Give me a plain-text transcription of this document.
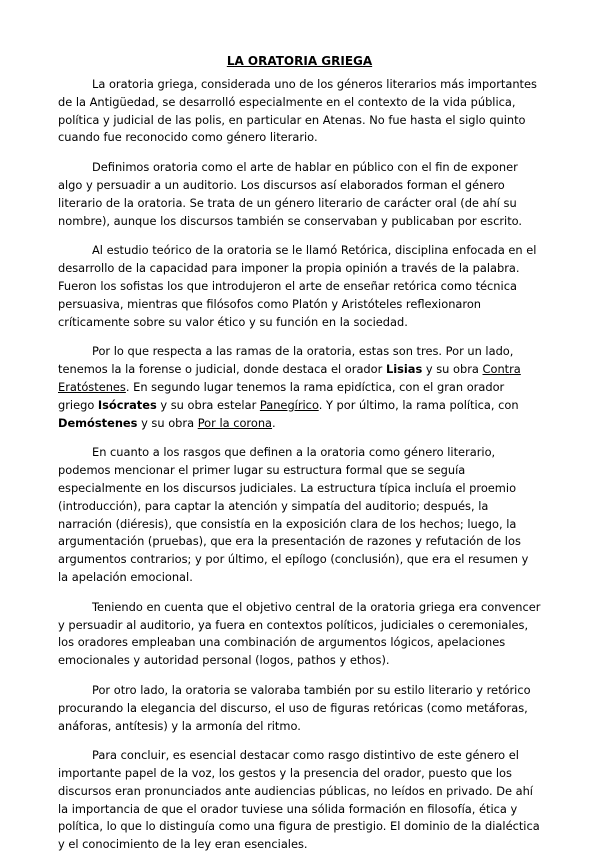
LA ORATORIA GRIEGA

La oratoria griega, considerada uno de los géneros literarios más importantes de la Antigüedad, se desarrolló especialmente en el contexto de la vida pública, política y judicial de las polis, en particular en Atenas. No fue hasta el siglo quinto cuando fue reconocido como género literario.

Definimos oratoria como el arte de hablar en público con el fin de exponer algo y persuadir a un auditorio. Los discursos así elaborados forman el género literario de la oratoria. Se trata de un género literario de carácter oral (de ahí su nombre), aunque los discursos también se conservaban y publicaban por escrito.

Al estudio teórico de la oratoria se le llamó Retórica, disciplina enfocada en el desarrollo de la capacidad para imponer la propia opinión a través de la palabra. Fueron los sofistas los que introdujeron el arte de enseñar retórica como técnica persuasiva, mientras que filósofos como Platón y Aristóteles reflexionaron críticamente sobre su valor ético y su función en la sociedad.

Por lo que respecta a las ramas de la oratoria, estas son tres. Por un lado, tenemos la la forense o judicial, donde destaca el orador Lisias y su obra Contra Eratóstenes. En segundo lugar tenemos la rama epidíctica, con el gran orador griego Isócrates y su obra estelar Panegírico. Y por último, la rama política, con Demóstenes y su obra Por la corona.

En cuanto a los rasgos que definen a la oratoria como género literario, podemos mencionar el primer lugar su estructura formal que se seguía especialmente en los discursos judiciales. La estructura típica incluía el proemio (introducción), para captar la atención y simpatía del auditorio; después, la narración (diéresis), que consistía en la exposición clara de los hechos; luego, la argumentación (pruebas), que era la presentación de razones y refutación de los argumentos contrarios; y por último, el epílogo (conclusión), que era el resumen y la apelación emocional.

Teniendo en cuenta que el objetivo central de la oratoria griega era convencer y persuadir al auditorio, ya fuera en contextos políticos, judiciales o ceremoniales, los oradores empleaban una combinación de argumentos lógicos, apelaciones emocionales y autoridad personal (logos, pathos y ethos).

Por otro lado, la oratoria se valoraba también por su estilo literario y retórico procurando la elegancia del discurso, el uso de figuras retóricas (como metáforas, anáforas, antítesis) y la armonía del ritmo.

Para concluir, es esencial destacar como rasgo distintivo de este género el importante papel de la voz, los gestos y la presencia del orador, puesto que los discursos eran pronunciados ante audiencias públicas, no leídos en privado. De ahí la importancia de que el orador tuviese una sólida formación en filosofía, ética y política, lo que lo distinguía como una figura de prestigio. El dominio de la dialéctica y el conocimiento de la ley eran esenciales.
